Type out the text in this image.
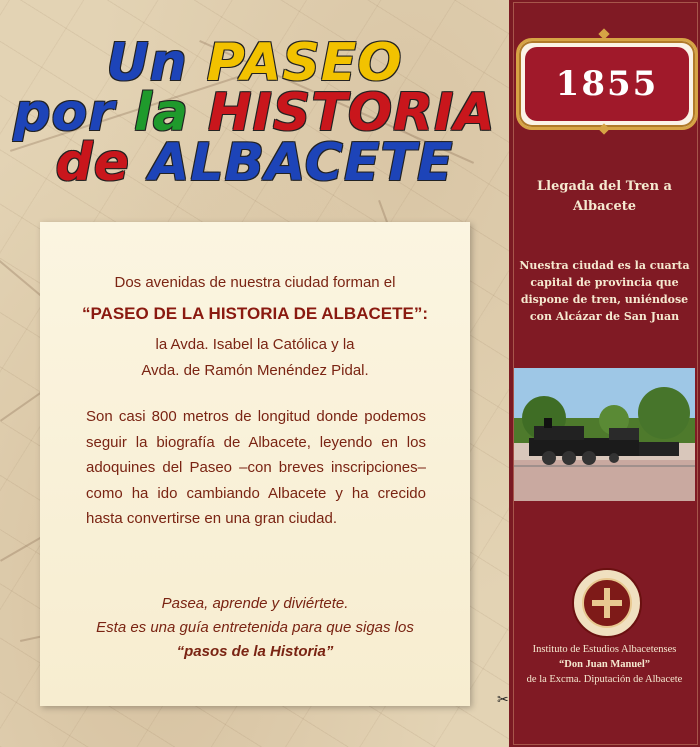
Un PASEO
por la HISTORIA
de ALBACETE

Dos avenidas de nuestra ciudad forman el

“PASEO DE LA HISTORIA DE ALBACETE”:

la Avda. Isabel la Católica y la

Avda. de Ramón Menéndez Pidal.

Son casi 800 metros de longitud donde podemos seguir la biografía de Albacete, leyendo en los adoquines del Paseo –con breves inscripciones– como ha ido cambiando Albacete y ha crecido hasta convertirse en una gran ciudad.

Pasea, aprende y diviértete.

Esta es una guía entretenida para que sigas los

“pasos de la Historia”

1855
Llegada del Tren a
Albacete
Nuestra ciudad es la cuarta
capital de provincia que
dispone de tren, uniéndose
con Alcázar de San Juan
Instituto de Estudios Albacetenses
“Don Juan Manuel”
de la Excma. Diputación de Albacete
✂
